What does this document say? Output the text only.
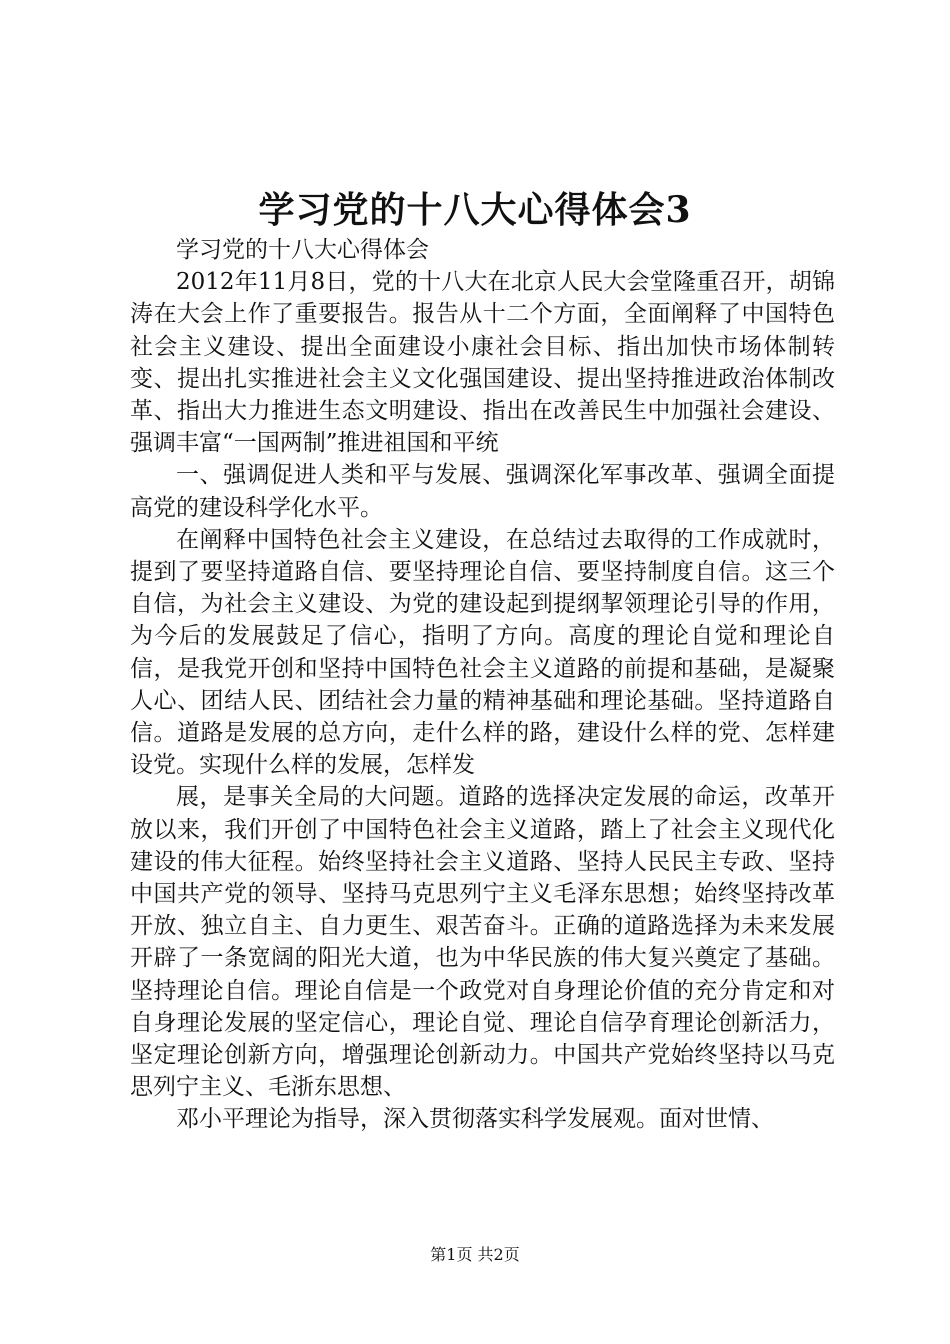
学习党的十八大心得体会3

学习党的十八大心得体会

2012年11月8日，党的十八大在北京人民大会堂隆重召开，胡锦涛在大会上作了重要报告。报告从十二个方面，全面阐释了中国特色社会主义建设、提出全面建设小康社会目标、指出加快市场体制转变、提出扎实推进社会主义文化强国建设、提出坚持推进政治体制改革、指出大力推进生态文明建设、指出在改善民生中加强社会建设、强调丰富“一国两制”推进祖国和平统

一、强调促进人类和平与发展、强调深化军事改革、强调全面提高党的建设科学化水平。

在阐释中国特色社会主义建设，在总结过去取得的工作成就时，提到了要坚持道路自信、要坚持理论自信、要坚持制度自信。这三个自信，为社会主义建设、为党的建设起到提纲挈领理论引导的作用，为今后的发展鼓足了信心，指明了方向。高度的理论自觉和理论自信，是我党开创和坚持中国特色社会主义道路的前提和基础，是凝聚人心、团结人民、团结社会力量的精神基础和理论基础。坚持道路自信。道路是发展的总方向，走什么样的路，建设什么样的党、怎样建设党。实现什么样的发展，怎样发

展，是事关全局的大问题。道路的选择决定发展的命运，改革开放以来，我们开创了中国特色社会主义道路，踏上了社会主义现代化建设的伟大征程。始终坚持社会主义道路、坚持人民民主专政、坚持中国共产党的领导、坚持马克思列宁主义毛泽东思想；始终坚持改革开放、独立自主、自力更生、艰苦奋斗。正确的道路选择为未来发展开辟了一条宽阔的阳光大道，也为中华民族的伟大复兴奠定了基础。坚持理论自信。理论自信是一个政党对自身理论价值的充分肯定和对自身理论发展的坚定信心，理论自觉、理论自信孕育理论创新活力，坚定理论创新方向，增强理论创新动力。中国共产党始终坚持以马克思列宁主义、毛浙东思想、

邓小平理论为指导，深入贯彻落实科学发展观。面对世情、

第1页 共2页
